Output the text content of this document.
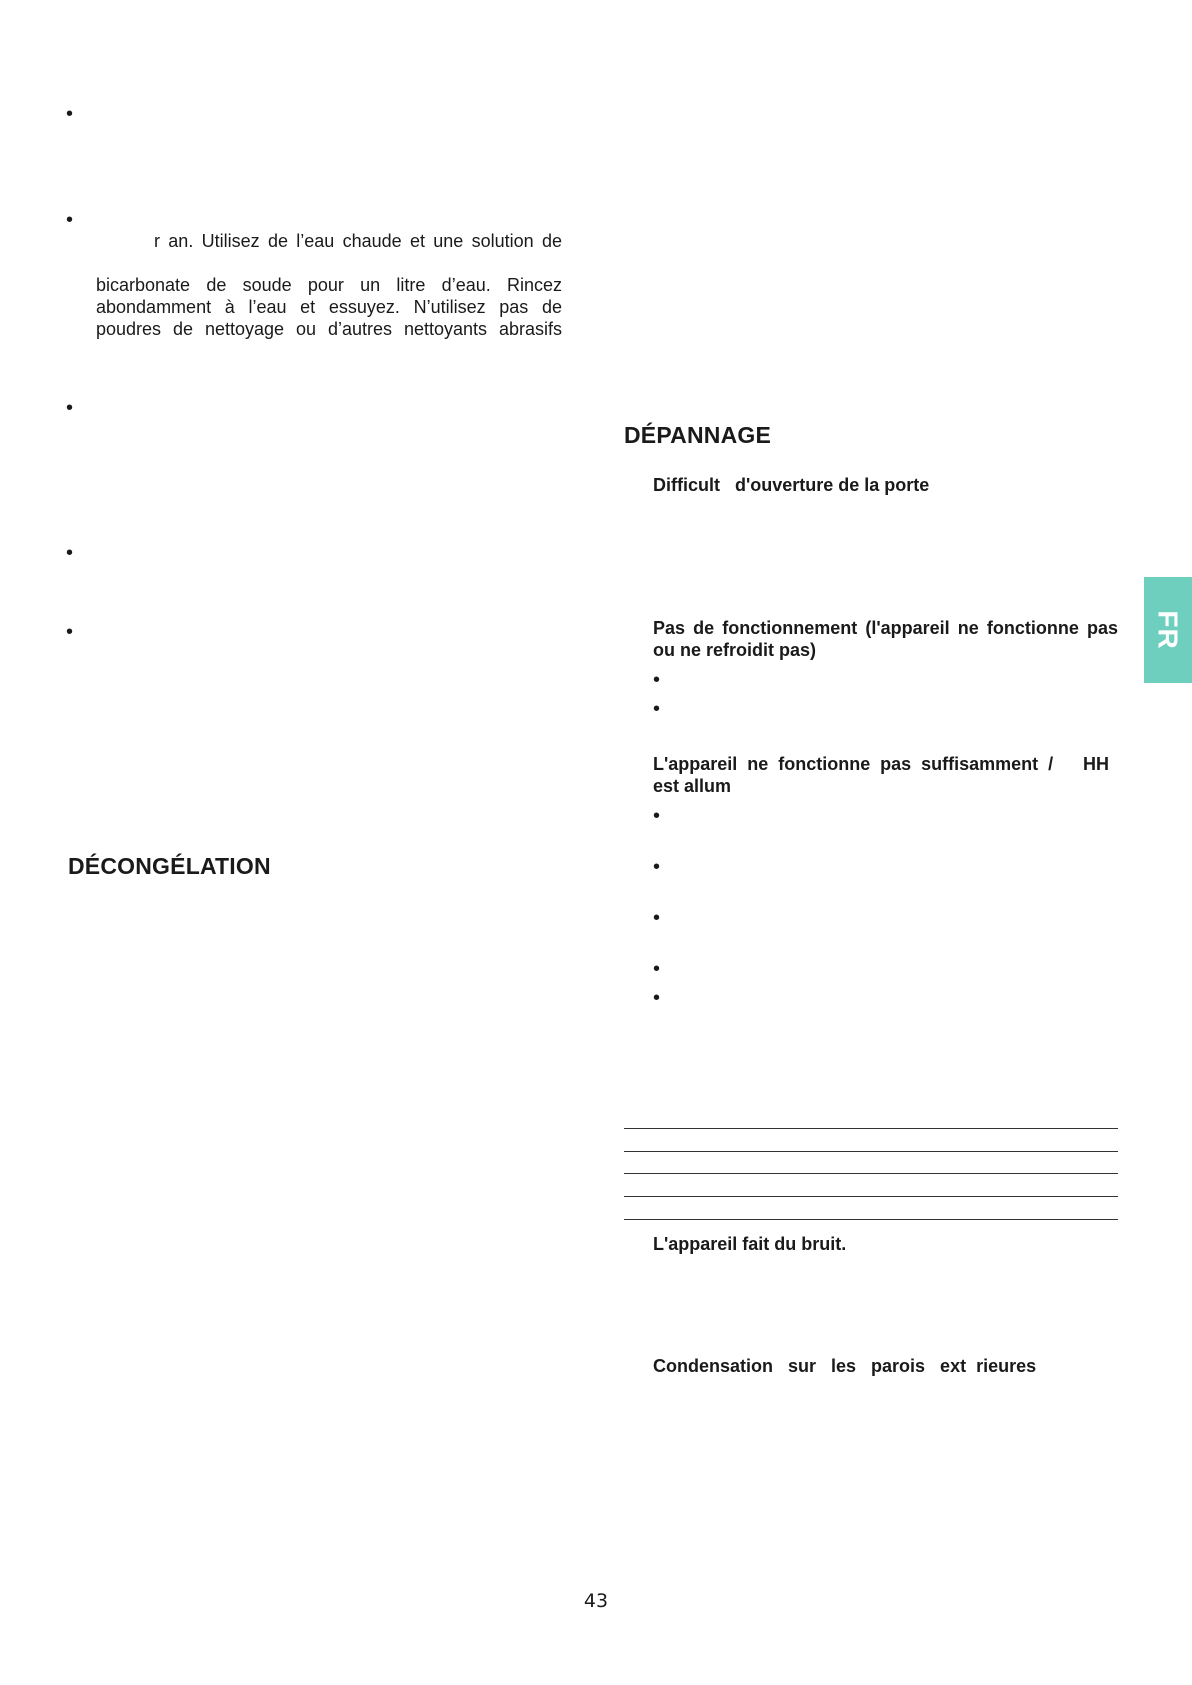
•
•
r an. Utilisez de l’eau chaude et une solution de
bicarbonate de soude pour un litre d’eau. Rincez
abondamment à l’eau et essuyez. N’utilisez pas de
poudres de nettoyage ou d’autres nettoyants abrasifs
•
•
•
DÉCONGÉLATION
DÉPANNAGE
Difficult   d'ouverture de la porte
Pas de fonctionnement (l'appareil ne fonctionne pas
ou ne refroidit pas)
•
•
L'appareil ne fonctionne pas suffisamment /   HH
est allum
•
•
•
•
•
L'appareil fait du bruit.
Condensation   sur   les   parois   ext  rieures
FR
43
